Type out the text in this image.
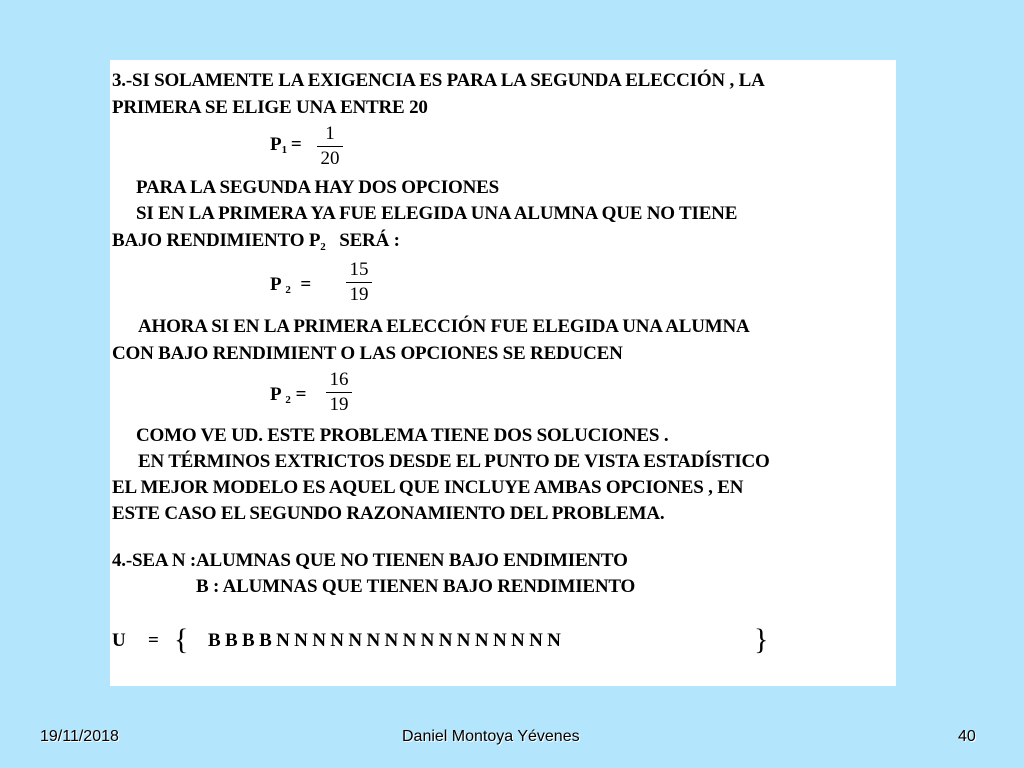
3.-SI SOLAMENTE LA EXIGENCIA ES PARA LA SEGUNDA ELECCIÓN , LA
PRIMERA SE ELIGE UNA ENTRE 20
$P_1$  =
1
20
PARA LA SEGUNDA HAY DOS OPCIONES
SI EN LA PRIMERA YA FUE ELEGIDA UNA ALUMNA QUE NO TIENE
BAJO RENDIMIENTO $P_2$ SERÁ :
P  $_2$ =
15
19
AHORA SI EN LA PRIMERA ELECCIÓN FUE ELEGIDA UNA ALUMNA
CON BAJO RENDIMIENT O LAS OPCIONES SE REDUCEN
P  $_2$ =
16
19
COMO VE UD. ESTE PROBLEMA TIENE DOS SOLUCIONES .
EN TÉRMINOS EXTRICTOS DESDE EL PUNTO DE VISTA ESTADÍSTICO
EL MEJOR MODELO ES AQUEL QUE INCLUYE AMBAS OPCIONES , EN
ESTE CASO EL SEGUNDO RAZONAMIENTO DEL PROBLEMA.
4.-SEA N :ALUMNAS QUE NO TIENEN BAJO ENDIMIENTO
B : ALUMNAS QUE TIENEN BAJO RENDIMIENTO
U = { B B B B N N N N N N N N N N N N N N N N	}
19/11/2018	Daniel Montoya Yévenes	40
